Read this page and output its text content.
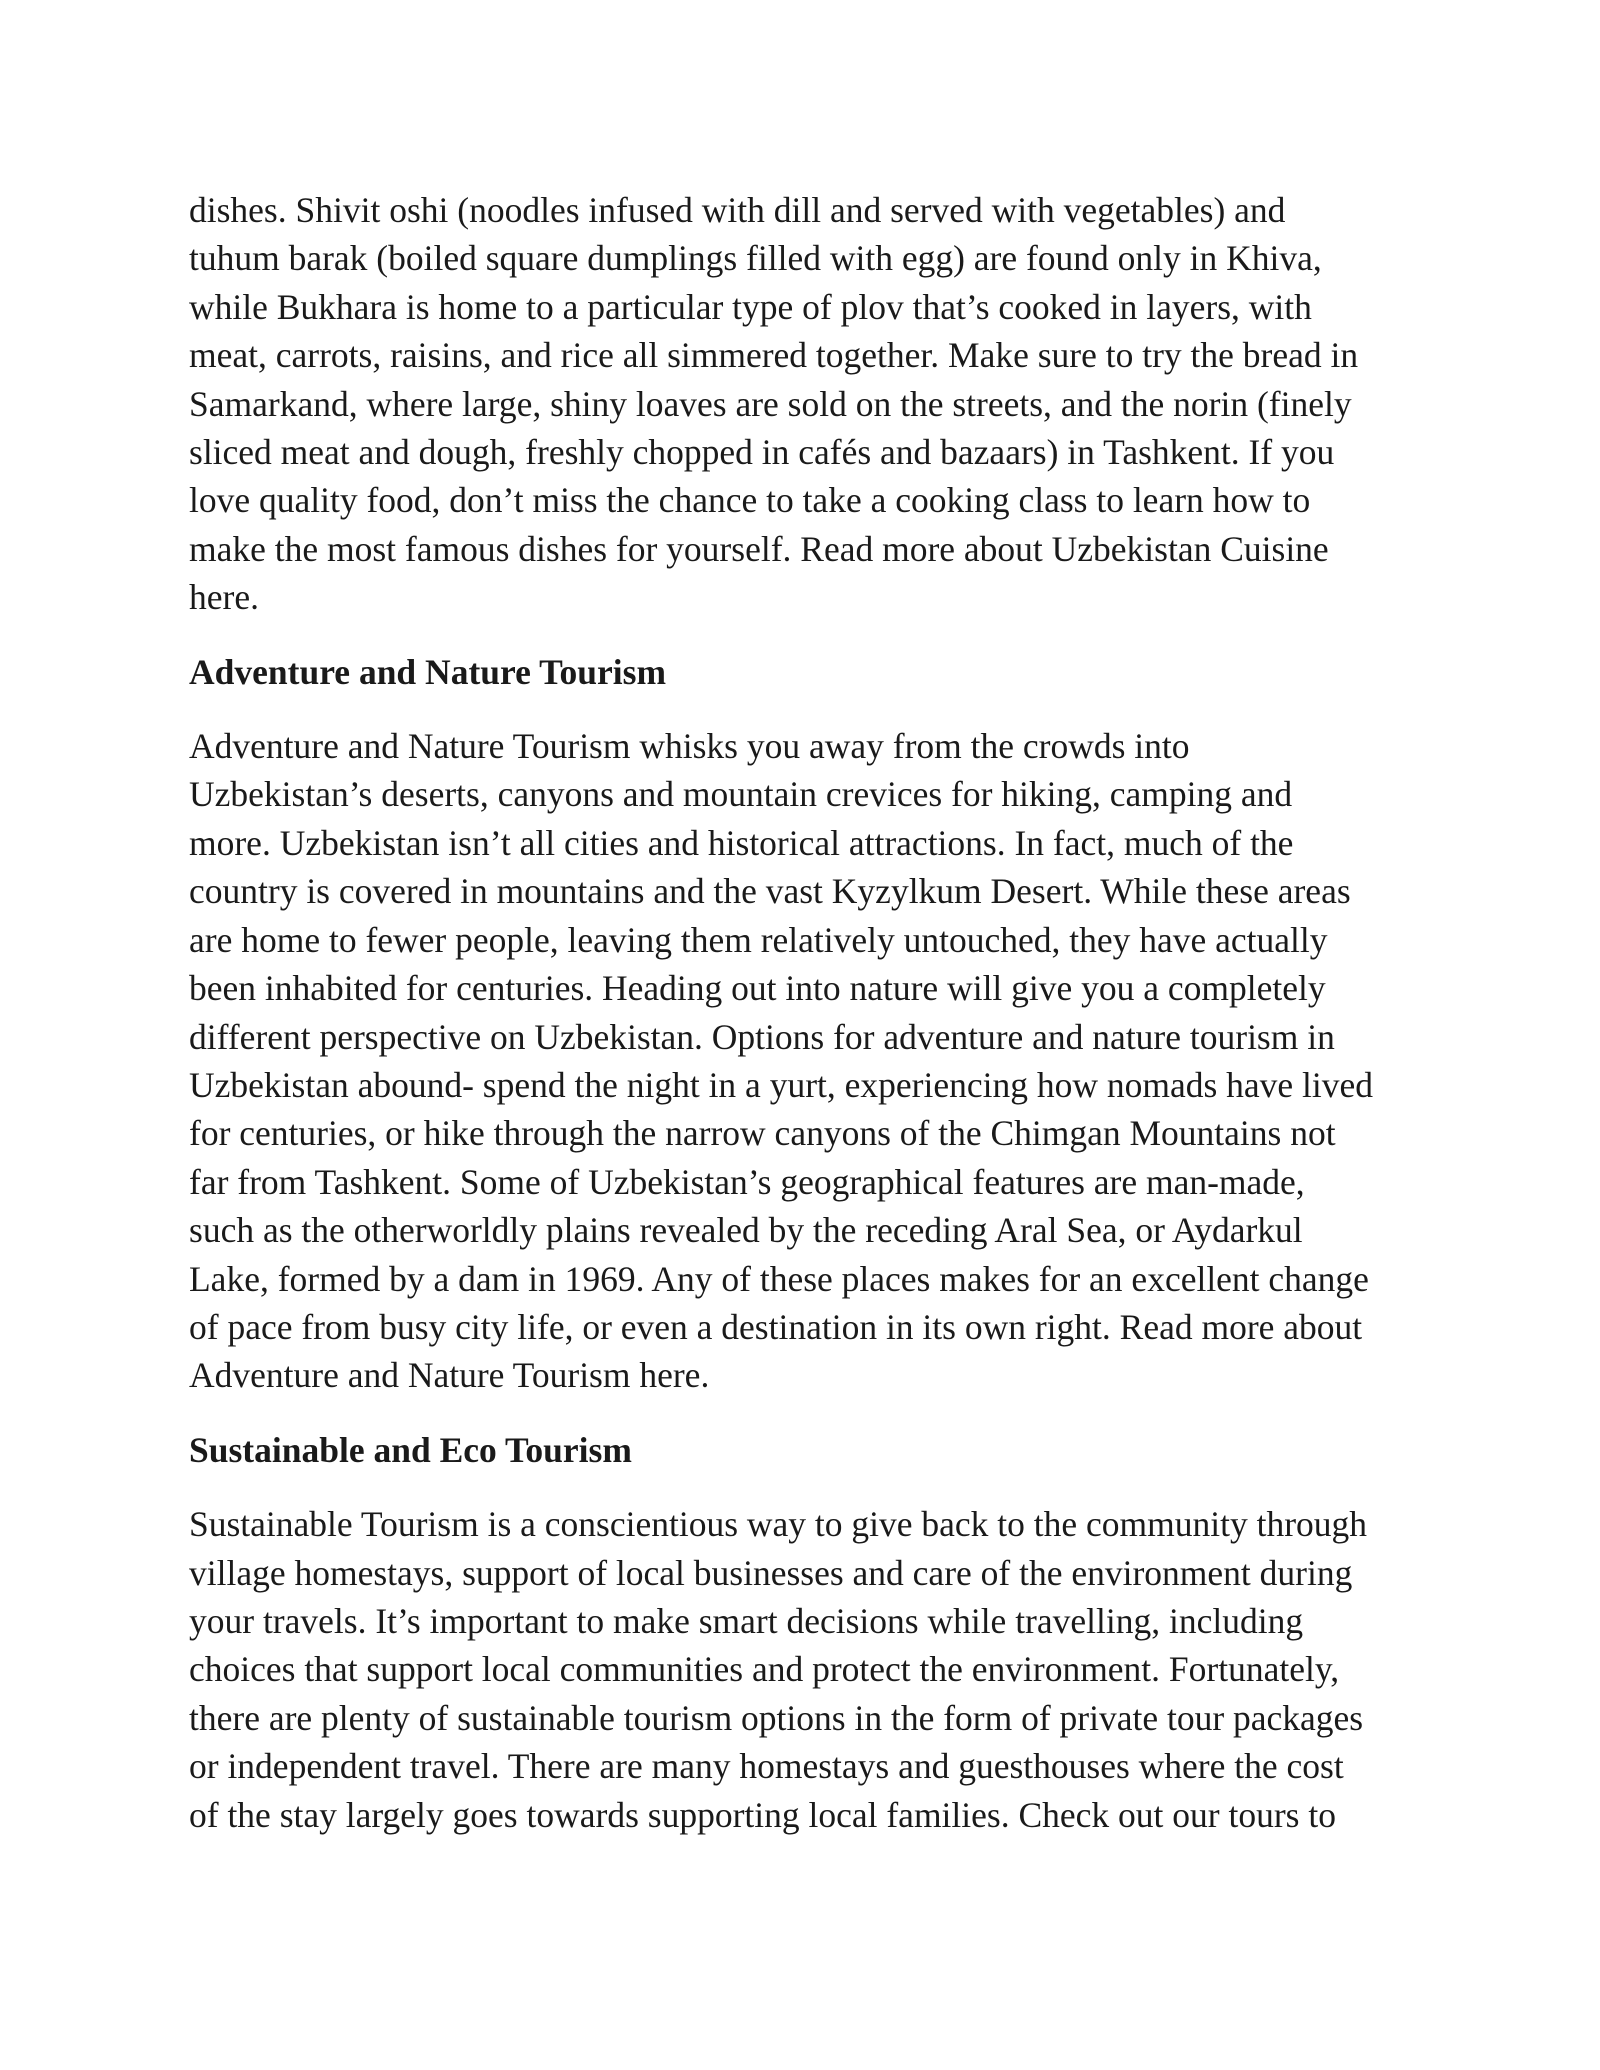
dishes. Shivit oshi (noodles infused with dill and served with vegetables) and
tuhum barak (boiled square dumplings filled with egg) are found only in Khiva,
while Bukhara is home to a particular type of plov that’s cooked in layers, with
meat, carrots, raisins, and rice all simmered together. Make sure to try the bread in
Samarkand, where large, shiny loaves are sold on the streets, and the norin (finely
sliced meat and dough, freshly chopped in cafés and bazaars) in Tashkent. If you
love quality food, don’t miss the chance to take a cooking class to learn how to
make the most famous dishes for yourself. Read more about Uzbekistan Cuisine
here.
Adventure and Nature Tourism
Adventure and Nature Tourism whisks you away from the crowds into
Uzbekistan’s deserts, canyons and mountain crevices for hiking, camping and
more. Uzbekistan isn’t all cities and historical attractions. In fact, much of the
country is covered in mountains and the vast Kyzylkum Desert. While these areas
are home to fewer people, leaving them relatively untouched, they have actually
been inhabited for centuries. Heading out into nature will give you a completely
different perspective on Uzbekistan. Options for adventure and nature tourism in
Uzbekistan abound- spend the night in a yurt, experiencing how nomads have lived
for centuries, or hike through the narrow canyons of the Chimgan Mountains not
far from Tashkent. Some of Uzbekistan’s geographical features are man-made,
such as the otherworldly plains revealed by the receding Aral Sea, or Aydarkul
Lake, formed by a dam in 1969. Any of these places makes for an excellent change
of pace from busy city life, or even a destination in its own right. Read more about
Adventure and Nature Tourism here.
Sustainable and Eco Tourism
Sustainable Tourism is a conscientious way to give back to the community through
village homestays, support of local businesses and care of the environment during
your travels. It’s important to make smart decisions while travelling, including
choices that support local communities and protect the environment. Fortunately,
there are plenty of sustainable tourism options in the form of private tour packages
or independent travel. There are many homestays and guesthouses where the cost
of the stay largely goes towards supporting local families. Check out our tours to
